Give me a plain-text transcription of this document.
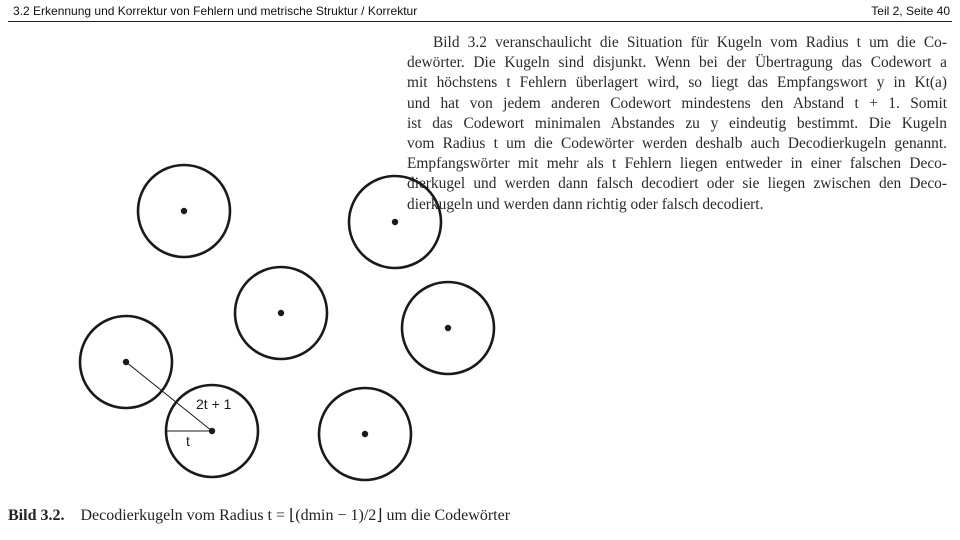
3.2 Erkennung und Korrektur von Fehlern und metrische Struktur / Korrektur	Teil 2, Seite 40
Bild 3.2 veranschaulicht die Situation für Kugeln vom Radius t um die Co-
dewörter. Die Kugeln sind disjunkt. Wenn bei der Übertragung das Codewort a
mit höchstens t Fehlern überlagert wird, so liegt das Empfangswort y in Kt(a)
und hat von jedem anderen Codewort mindestens den Abstand t + 1. Somit
ist das Codewort minimalen Abstandes zu y eindeutig bestimmt. Die Kugeln
vom Radius t um die Codewörter werden deshalb auch Decodierkugeln genannt.
Empfangswörter mit mehr als t Fehlern liegen entweder in einer falschen Deco-
dierkugel und werden dann falsch decodiert oder sie liegen zwischen den Deco-
dierkugeln und werden dann richtig oder falsch decodiert.
2t + 1
t
Bild 3.2. Decodierkugeln vom Radius t = ⌊(dmin − 1)/2⌋ um die Codewörter
